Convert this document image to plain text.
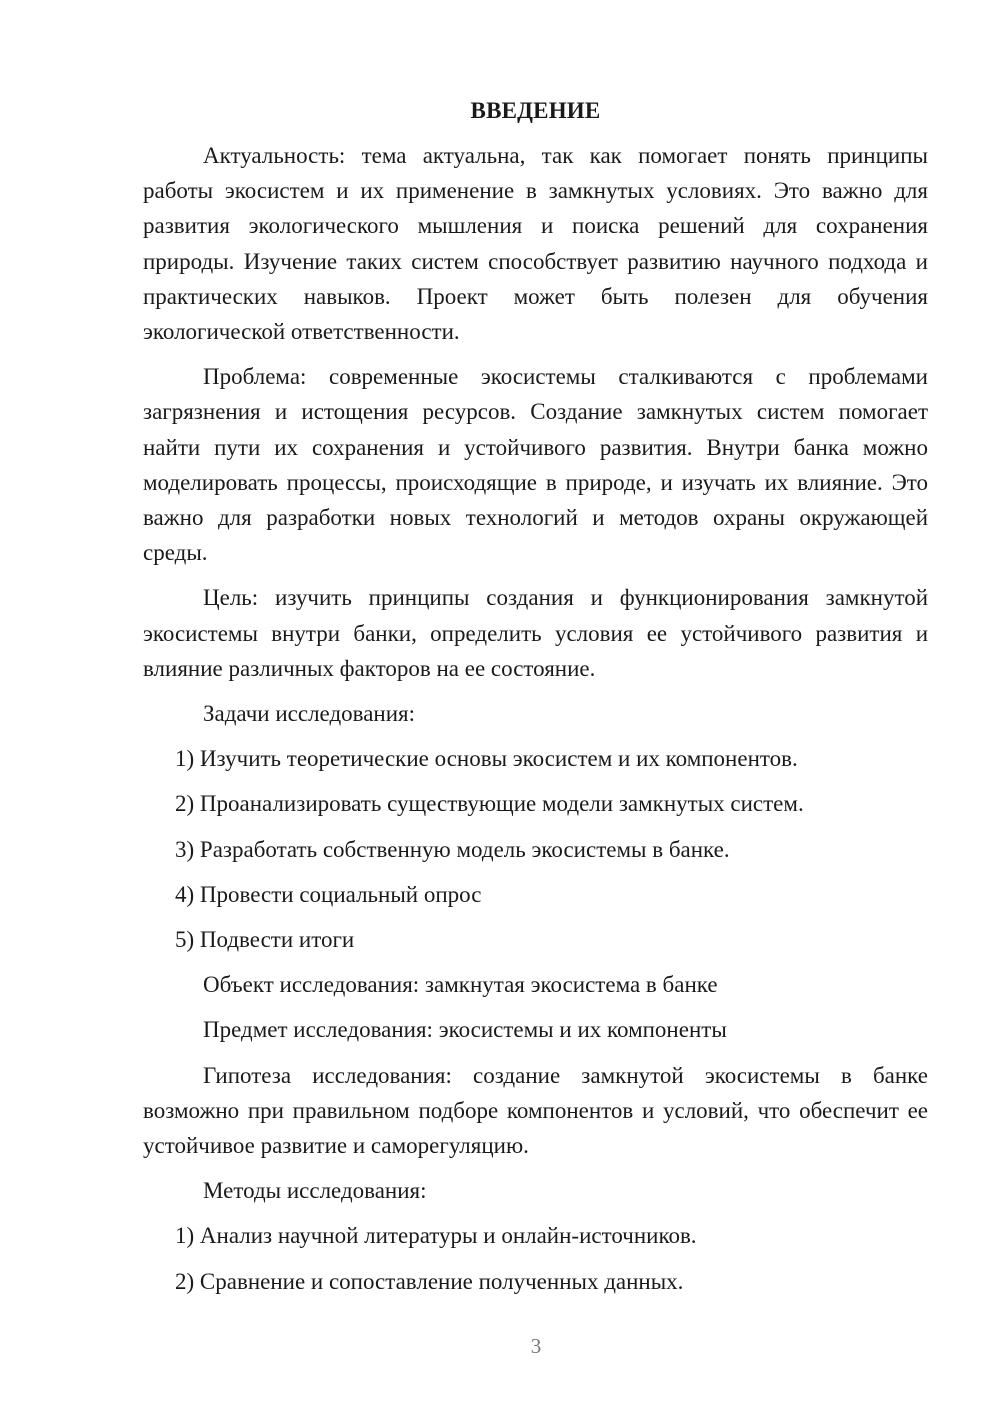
ВВЕДЕНИЕ

Актуальность: тема актуальна, так как помогает понять принципы работы экосистем и их применение в замкнутых условиях. Это важно для развития экологического мышления и поиска решений для сохранения природы. Изучение таких систем способствует развитию научного подхода и практических навыков. Проект может быть полезен для обучения экологической ответственности.

Проблема: современные экосистемы сталкиваются с проблемами загрязнения и истощения ресурсов. Создание замкнутых систем помогает найти пути их сохранения и устойчивого развития. Внутри банка можно моделировать процессы, происходящие в природе, и изучать их влияние. Это важно для разработки новых технологий и методов охраны окружающей среды.

Цель: изучить принципы создания и функционирования замкнутой экосистемы внутри банки, определить условия ее устойчивого развития и влияние различных факторов на ее состояние.

Задачи исследования:

1) Изучить теоретические основы экосистем и их компонентов.
2) Проанализировать существующие модели замкнутых систем.
3) Разработать собственную модель экосистемы в банке.
4) Провести социальный опрос
5) Подвести итоги

Объект исследования: замкнутая экосистема в банке

Предмет исследования: экосистемы и их компоненты

Гипотеза исследования: создание замкнутой экосистемы в банке возможно при правильном подборе компонентов и условий, что обеспечит ее устойчивое развитие и саморегуляцию.

Методы исследования:

1) Анализ научной литературы и онлайн-источников.
2) Сравнение и сопоставление полученных данных.
3
